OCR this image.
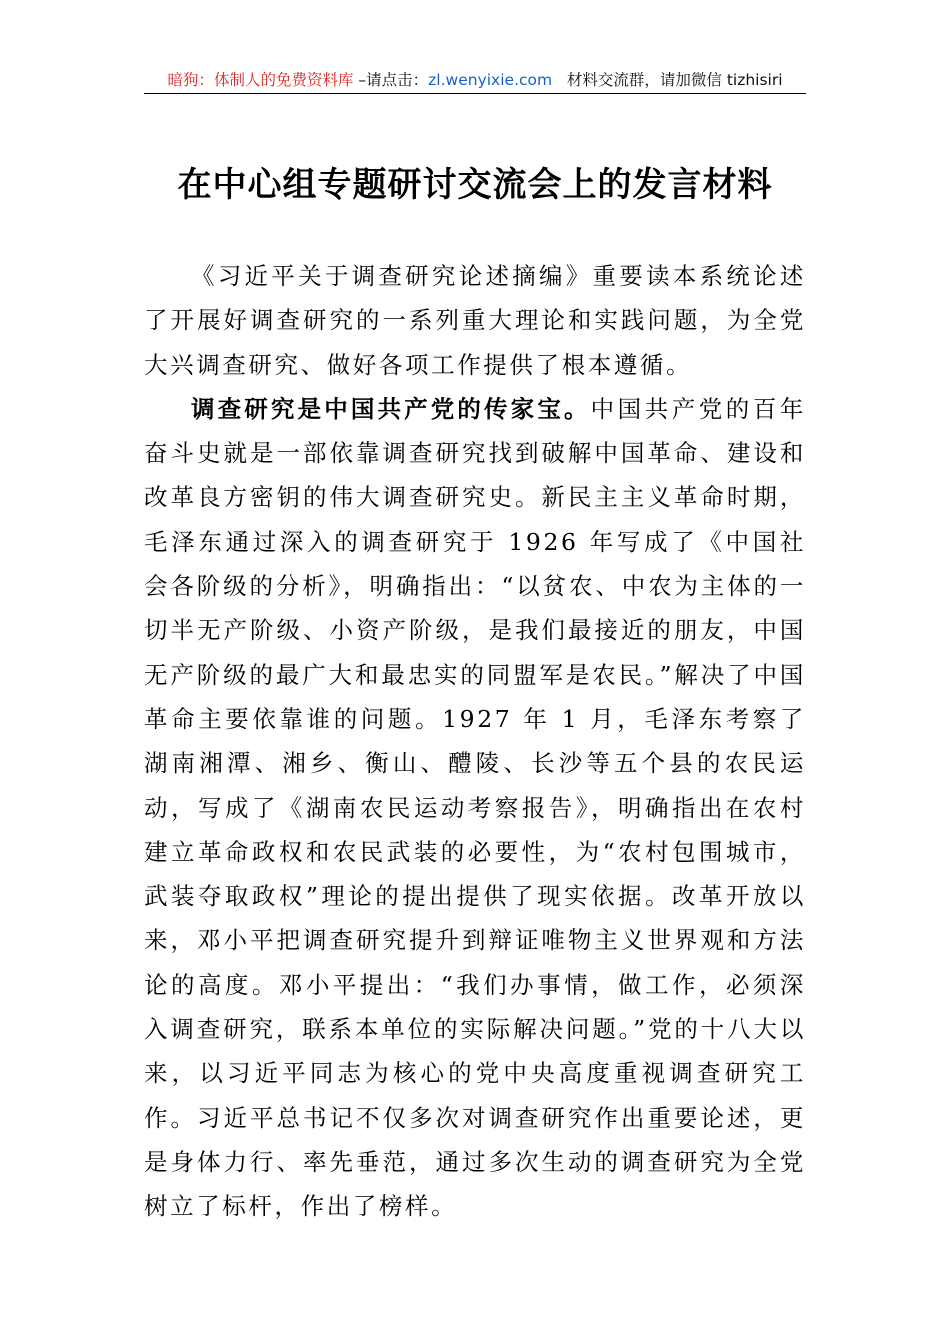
暗狗：体制人的免费资料库 –请点击：zl.wenyixie.com   材料交流群，请加微信 tizhisiri
在中心组专题研讨交流会上的发言材料

《习近平关于调查研究论述摘编》重要读本系统论述了开展好调查研究的一系列重大理论和实践问题，为全党大兴调查研究、做好各项工作提供了根本遵循。

调查研究是中国共产党的传家宝。中国共产党的百年奋斗史就是一部依靠调查研究找到破解中国革命、建设和改革良方密钥的伟大调查研究史。新民主主义革命时期，毛泽东通过深入的调查研究于 1926 年写成了《中国社会各阶级的分析》，明确指出：“以贫农、中农为主体的一切半无产阶级、小资产阶级，是我们最接近的朋友，中国无产阶级的最广大和最忠实的同盟军是农民。”解决了中国革命主要依靠谁的问题。1927 年 1 月，毛泽东考察了湖南湘潭、湘乡、衡山、醴陵、长沙等五个县的农民运动，写成了《湖南农民运动考察报告》，明确指出在农村建立革命政权和农民武装的必要性，为“农村包围城市，武装夺取政权”理论的提出提供了现实依据。改革开放以来，邓小平把调查研究提升到辩证唯物主义世界观和方法论的高度。邓小平提出：“我们办事情，做工作，必须深入调查研究，联系本单位的实际解决问题。”党的十八大以来，以习近平同志为核心的党中央高度重视调查研究工作。习近平总书记不仅多次对调查研究作出重要论述，更是身体力行、率先垂范，通过多次生动的调查研究为全党树立了标杆，作出了榜样。
